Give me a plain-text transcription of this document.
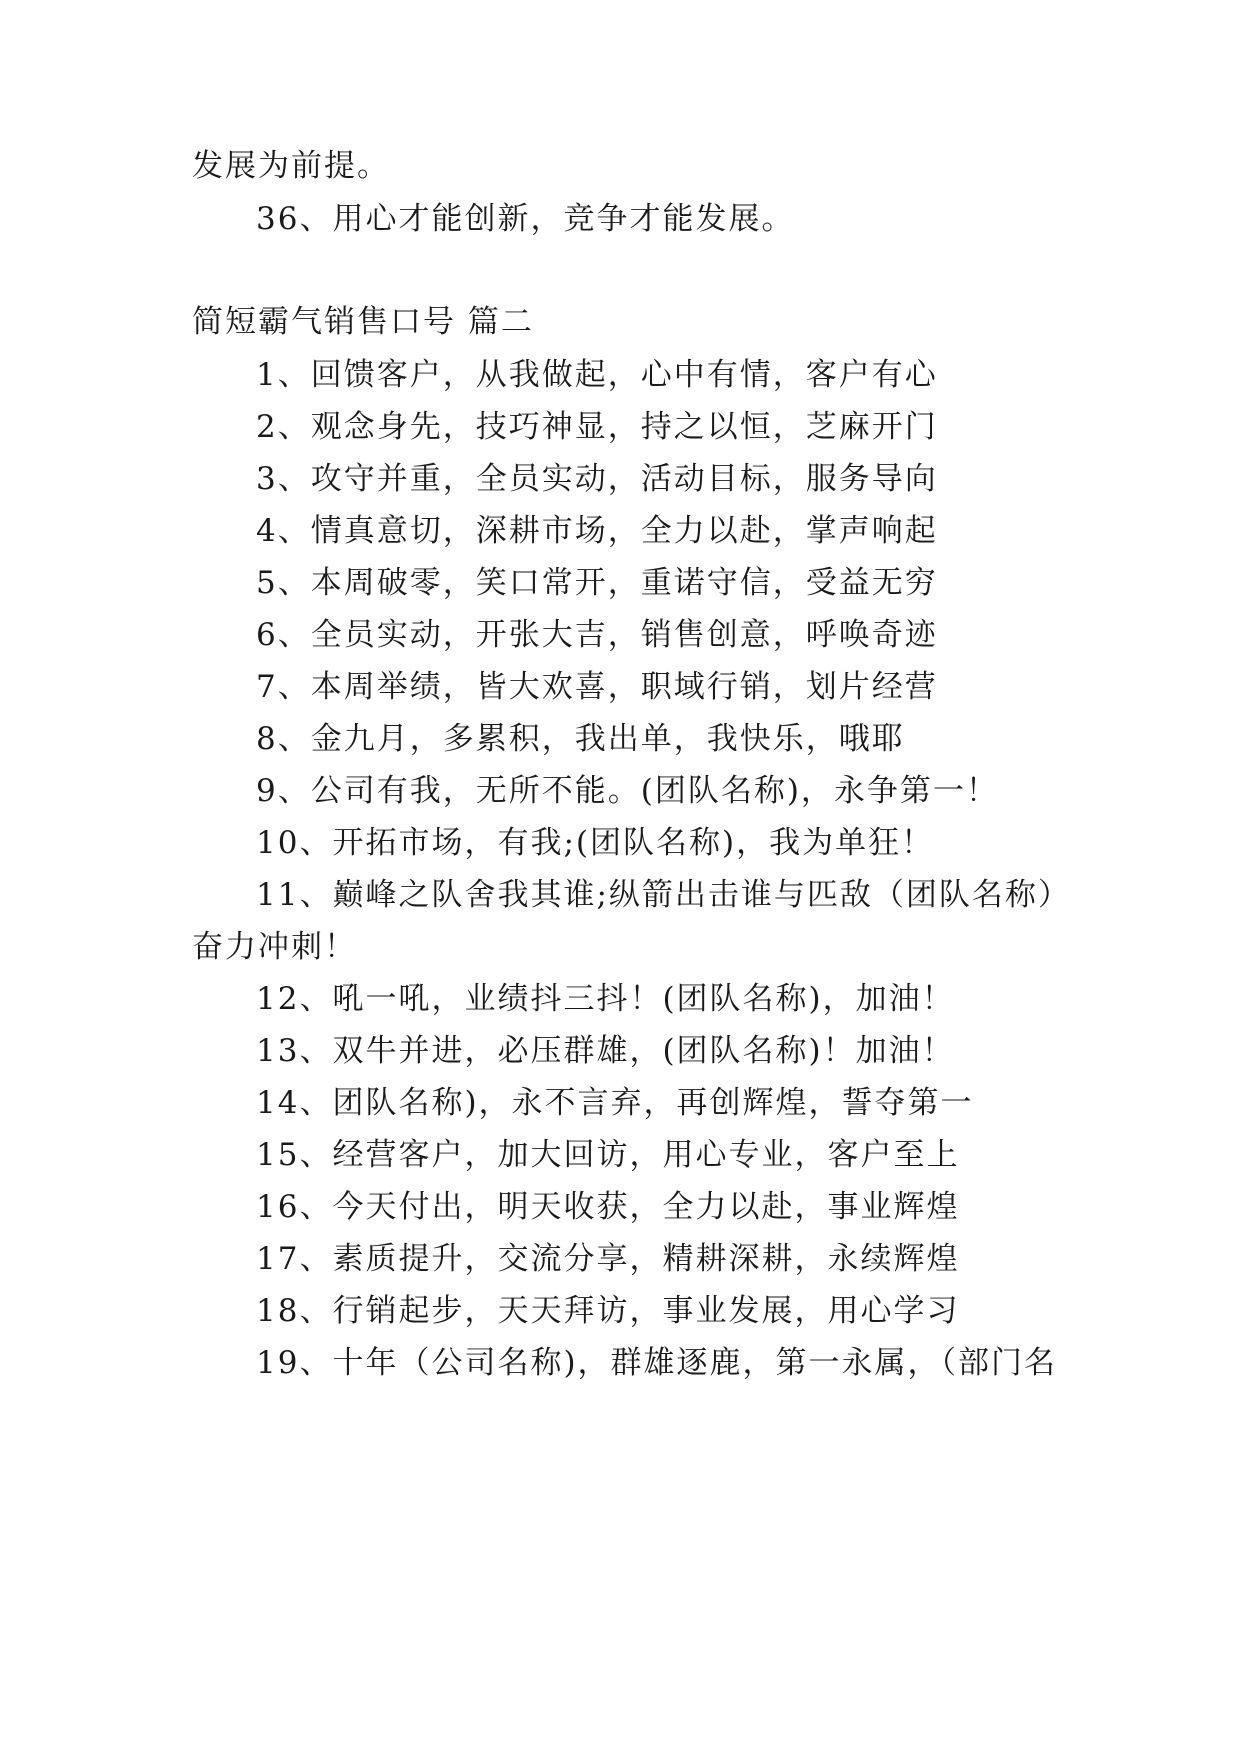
发展为前提。
36、用心才能创新，竞争才能发展。
简短霸气销售口号 篇二
1、回馈客户，从我做起，心中有情，客户有心
2、观念身先，技巧神显，持之以恒，芝麻开门
3、攻守并重，全员实动，活动目标，服务导向
4、情真意切，深耕市场，全力以赴，掌声响起
5、本周破零，笑口常开，重诺守信，受益无穷
6、全员实动，开张大吉，销售创意，呼唤奇迹
7、本周举绩，皆大欢喜，职域行销，划片经营
8、金九月，多累积，我出单，我快乐，哦耶
9、公司有我，无所不能。(团队名称)，永争第一！
10、开拓市场，有我;(团队名称)，我为单狂！
11、巅峰之队舍我其谁;纵箭出击谁与匹敌（团队名称）
奋力冲刺！
12、吼一吼，业绩抖三抖！(团队名称)，加油！
13、双牛并进，必压群雄，(团队名称)！加油！
14、团队名称)，永不言弃，再创辉煌，誓夺第一
15、经营客户，加大回访，用心专业，客户至上
16、今天付出，明天收获，全力以赴，事业辉煌
17、素质提升，交流分享，精耕深耕，永续辉煌
18、行销起步，天天拜访，事业发展，用心学习
19、十年（公司名称)，群雄逐鹿，第一永属，（部门名
